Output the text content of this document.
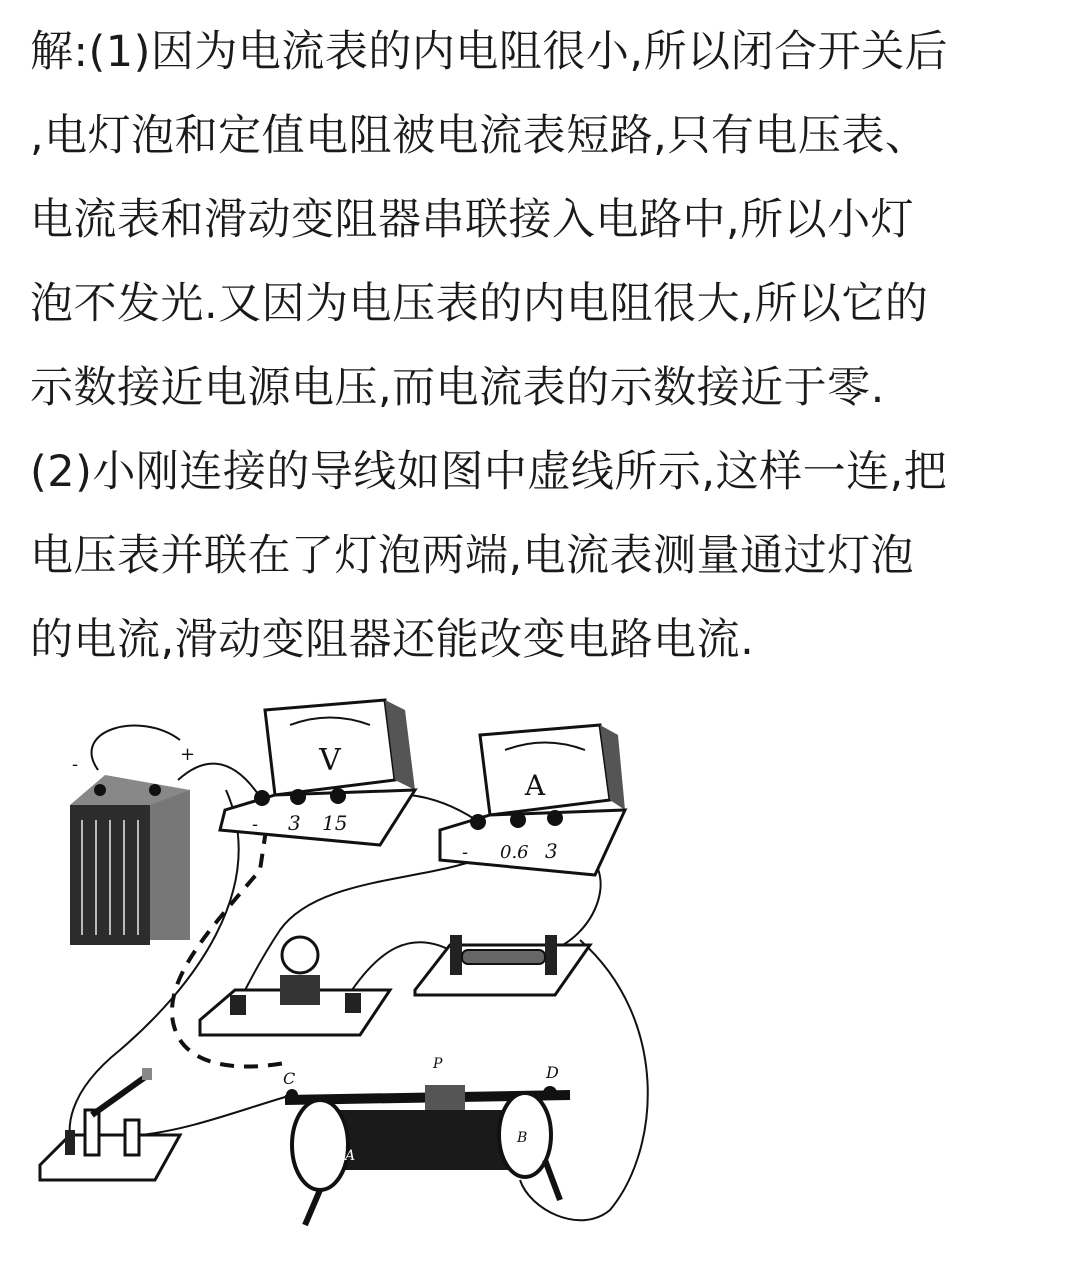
解:(1)因为电流表的内电阻很小,所以闭合开关后
,电灯泡和定值电阻被电流表短路,只有电压表、
电流表和滑动变阻器串联接入电路中,所以小灯
泡不发光.又因为电压表的内电阻很大,所以它的
示数接近电源电压,而电流表的示数接近于零.
(2)小刚连接的导线如图中虚线所示,这样一连,把
电压表并联在了灯泡两端,电流表测量通过灯泡
的电流,滑动变阻器还能改变电路电流.
-	+	V
- 3 15
A
- 0.6 3
C
P	D
A
B
